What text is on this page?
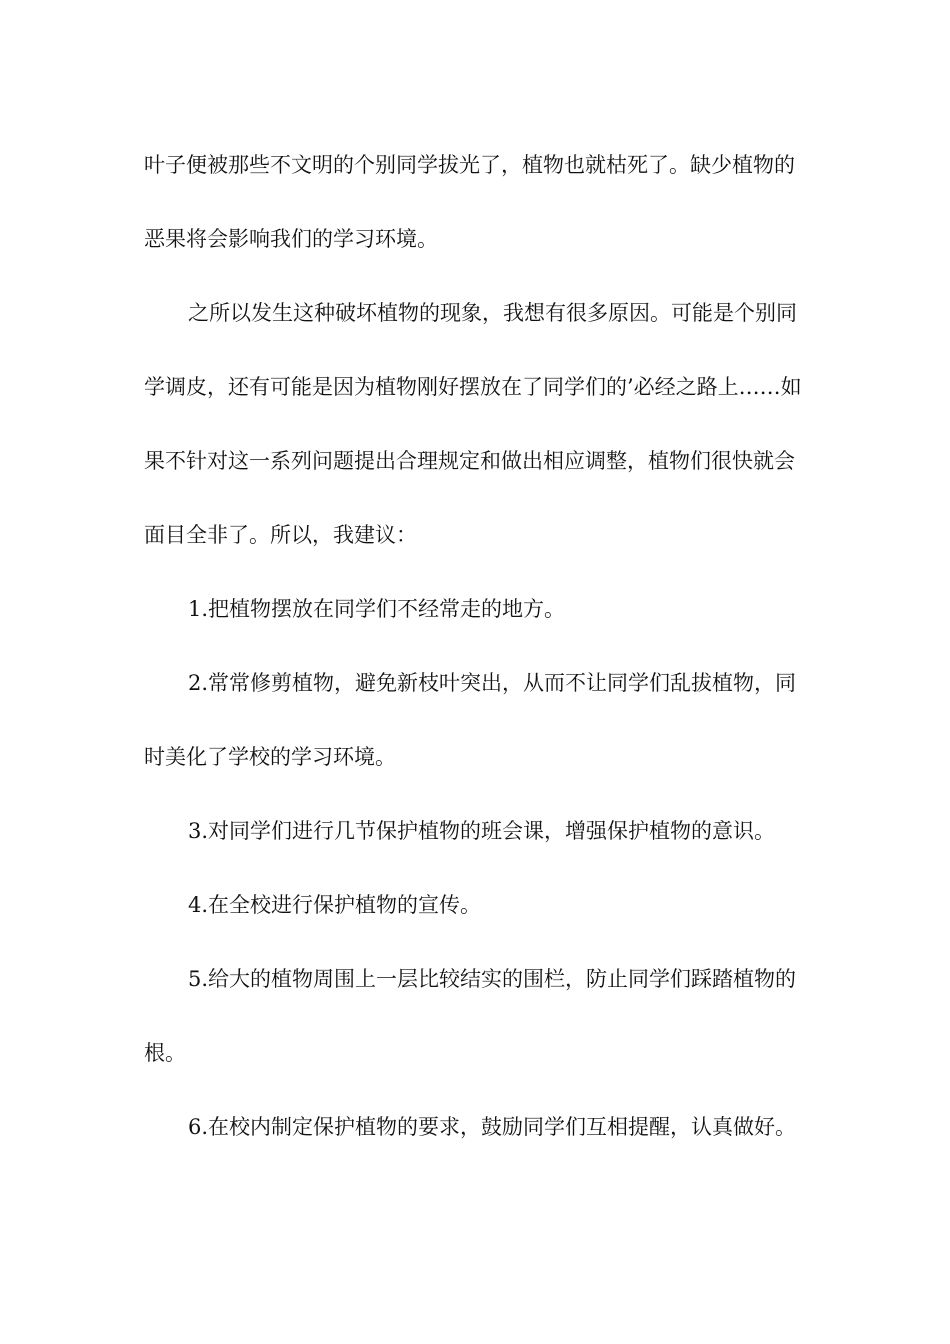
叶子便被那些不文明的个别同学拔光了，植物也就枯死了。缺少植物的恶果将会影响我们的学习环境。

之所以发生这种破坏植物的现象，我想有很多原因。可能是个别同学调皮，还有可能是因为植物刚好摆放在了同学们的’必经之路上……如果不针对这一系列问题提出合理规定和做出相应调整，植物们很快就会面目全非了。所以，我建议：

1.把植物摆放在同学们不经常走的地方。

2.常常修剪植物，避免新枝叶突出，从而不让同学们乱拔植物，同时美化了学校的学习环境。

3.对同学们进行几节保护植物的班会课，增强保护植物的意识。

4.在全校进行保护植物的宣传。

5.给大的植物周围上一层比较结实的围栏，防止同学们踩踏植物的根。

6.在校内制定保护植物的要求，鼓励同学们互相提醒，认真做好。
